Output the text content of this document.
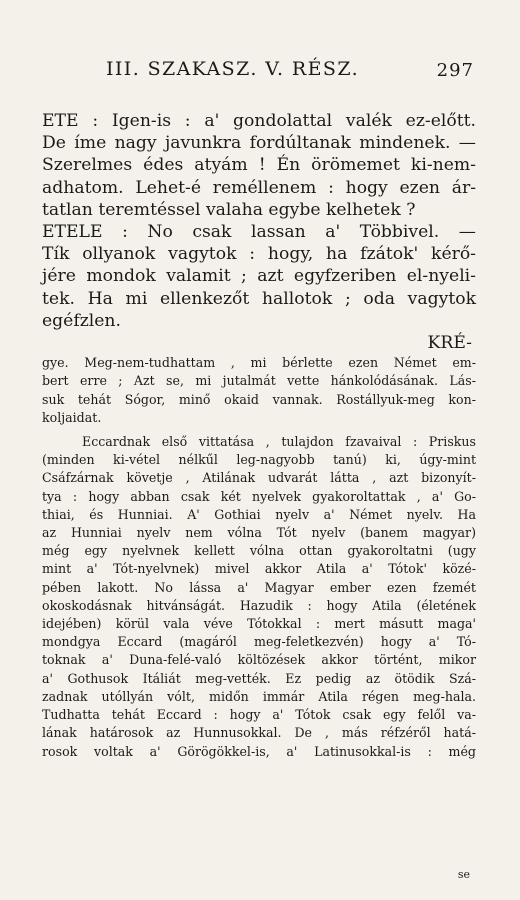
III. SZAKASZ. V. RÉSZ.	297

ETE : Igen-is : a' gondolattal valék ez-előtt.

De íme nagy javunkra fordúltanak mindenek. —

Szerelmes édes atyám ! Én örömemet ki-nem-

adhatom. Lehet-é reméllenem : hogy ezen ár-

tatlan teremtéssel valaha egybe kelhetek ?

ETELE : No csak lassan a' Többivel. —

Tík ollyanok vagytok : hogy, ha fzátok' kérő-

jére mondok valamit ; azt egyfzeriben el-nyeli-

tek. Ha mi ellenkezőt hallotok ; oda vagytok

egéfzlen.

KRÉ-

gye. Meg-nem-tudhattam , mi bérlette ezen Német em-

bert erre ; Azt se, mi jutalmát vette hánkolódásának. Lás-

suk tehát Sógor, minő okaid vannak. Rostállyuk-meg kon-

koljaidat.

Eccardnak első vittatása , tulajdon fzavaival : Priskus

(minden ki-vétel nélkűl leg-nagyobb tanú) ki, úgy-mint

Csáfzárnak követje , Atilának udvarát látta , azt bizonyít-

tya : hogy abban csak két nyelvek gyakoroltattak , a' Go-

thiai, és Hunniai. A' Gothiai nyelv a' Német nyelv. Ha

az Hunniai nyelv nem vólna Tót nyelv (banem magyar)

még egy nyelvnek kellett vólna ottan gyakoroltatni (ugy

mint a' Tót-nyelvnek) mivel akkor Atila a' Tótok' közé-

pében lakott. No lássa a' Magyar ember ezen fzemét

okoskodásnak hitvánságát. Hazudik : hogy Atila (életének

idejében) körül vala véve Tótokkal : mert másutt maga'

mondgya Eccard (magáról meg-feletkezvén) hogy a' Tó-

toknak a' Duna-felé-való költözések akkor történt, mikor

a' Gothusok Itáliát meg-vették. Ez pedig az ötödik Szá-

zadnak utóllyán vólt, midőn immár Atila régen meg-hala.

Tudhatta tehát Eccard : hogy a' Tótok csak egy felől va-

lának határosok az Hunnusokkal. De , más réfzéről hatá-

rosok voltak a' Görögökkel-is, a' Latinusokkal-is : még

se
